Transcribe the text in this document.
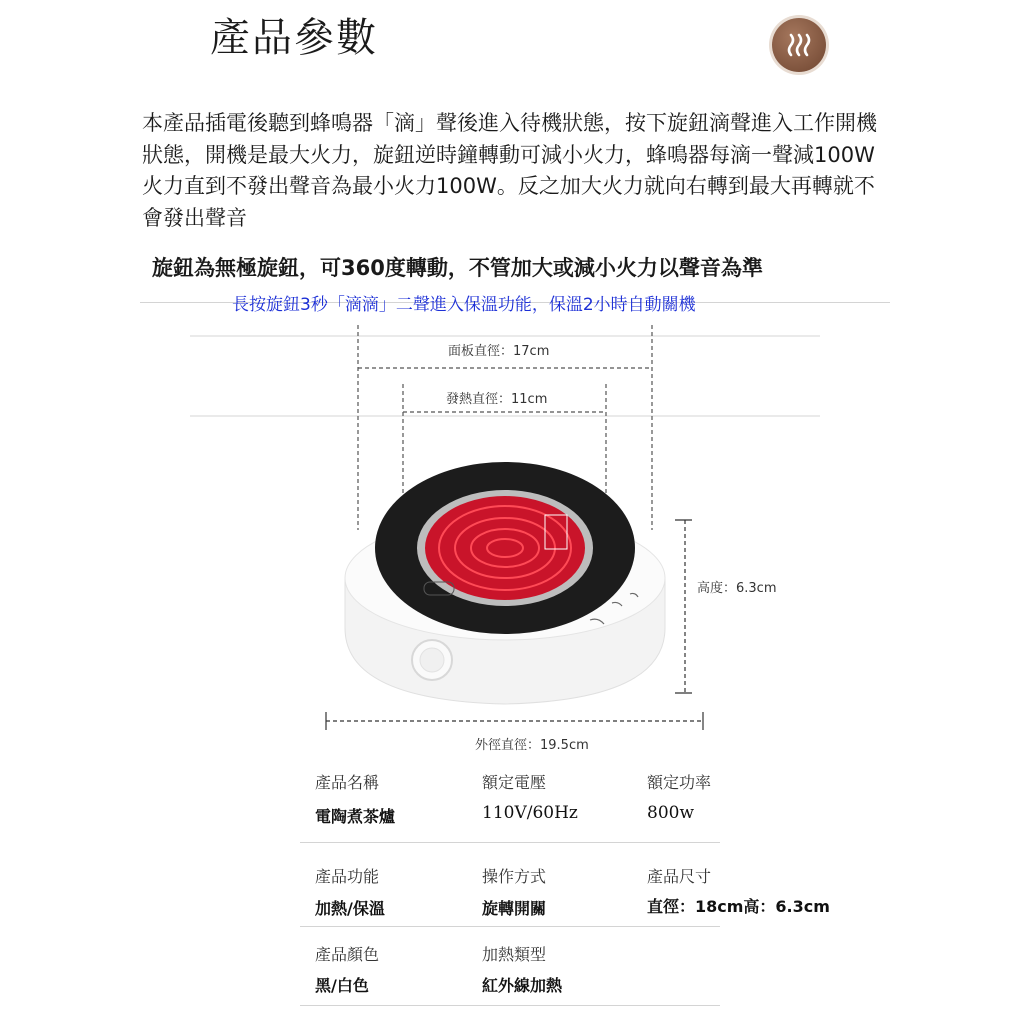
產品參數

本產品插電後聽到蜂鳴器「滴」聲後進入待機狀態，按下旋鈕滴聲進入工作開機狀態，開機是最大火力，旋鈕逆時鐘轉動可減小火力，蜂鳴器每滴一聲減100W火力直到不發出聲音為最小火力100W。反之加大火力就向右轉到最大再轉就不會發出聲音

旋鈕為無極旋鈕，可360度轉動，不管加大或減小火力以聲音為準

長按旋鈕3秒「滴滴」二聲進入保溫功能，保溫2小時自動關機

面板直徑：17cm
發熱直徑：11cm
高度：6.3cm
外徑直徑：19.5cm
產品名稱
電陶煮茶爐
額定電壓
110V/60Hz
額定功率
800w
產品功能
加熱/保溫
操作方式
旋轉開關
產品尺寸
直徑：18cm高：6.3cm
產品顏色
黑/白色
加熱類型
紅外線加熱
